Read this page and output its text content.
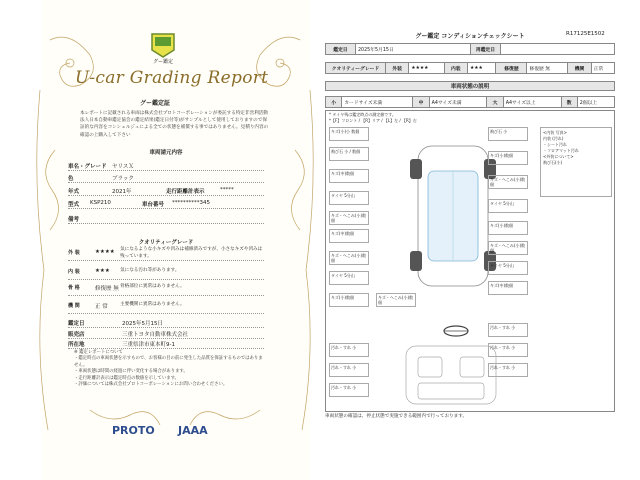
グー鑑定
U-car Grading Report
グー鑑定証
本レポートに記載される車両は株式会社プロトコーポレーションが委託する特定非営利活動法人日本自動車鑑定協会の鑑定結果(鑑定日付等)がサンプルとして使用しておりますので保証的な内容をコンシェルジュによる全ての状態を補償する事ではありません。見積り内容の確認の上購入して下さい
車両請元内容
車名・グレード ヤリスＸ
色	ブラック
年式	2021年	走行距離計表示	*****
型式 KSP210	車台番号 **********345
備考
クオリティーグレード
外 装	★★★★ 気になるような小キズや凹みは補修済みですが、小さなキズや凹みは残っています。
内 装	★★★ 気になる汚れ等があります。
骨 格	修復歴 無 骨格部位に異常はありません。
機 関	正 常	主要機関に異常はありません。
鑑定日	2025年5月15日
販売店	三重トヨタ自動車株式会社
所在地	三重県津市東本町9-1
※ 鑑定レポートについて
・鑑定時点の車両状態を示すもので、お客様の目の前に発生した品質を保証するものではありません。
・車両状態は時間の経過に伴い変化する場合があります。
・走行距離計表示は鑑定時点の数値を示しています。
・評価については株式会社プロトコーポレーションにお問い合わせください。
PROTO JAAA
R17125E1502
グー鑑定 コンディションチェックシート
鑑定日	2025年5月15日	再鑑定日	
クオリティーグレード	外装	★★★★	内装	★★★	修復歴	修復歴 無	機関	正常
車両状態の説明
小	カードサイズ未満	中	A4サイズ未満	大	A4サイズ以上	数	2個以上
* タイヤ残は鑑定時点の測定値です。
*【F】フロント / 【R】リア / 【L】左 / 【R】右
キズ(小)小 数個
飛び石 小 / 数個
キズ(中)数個
タイヤ 5分山
キズ・へこみ(小)数個
キズ(中)数個
キズ・へこみ(小)数個
タイヤ 5分山
キズ(小)数個	キズ・へこみ(小)数個
飛び石 小
キズ(小)数個
キズ・へこみ(小)数個
タイヤ 5分山
キズ(小)数個
キズ・へこみ(小)数個
タイヤ 5分山
キズ(中)数個
<内装 写真>
内装 (汚れ)
・シート汚れ
・フロアマット汚れ
<外装について>
飛び石(小)
汚れ・すれ 小
汚れ・すれ 小
汚れ・すれ 小
汚れ・すれ 小
汚れ・すれ 小
汚れ・すれ 小
車両状態の確認は、停止状態で実施できる範囲内で行っております。
